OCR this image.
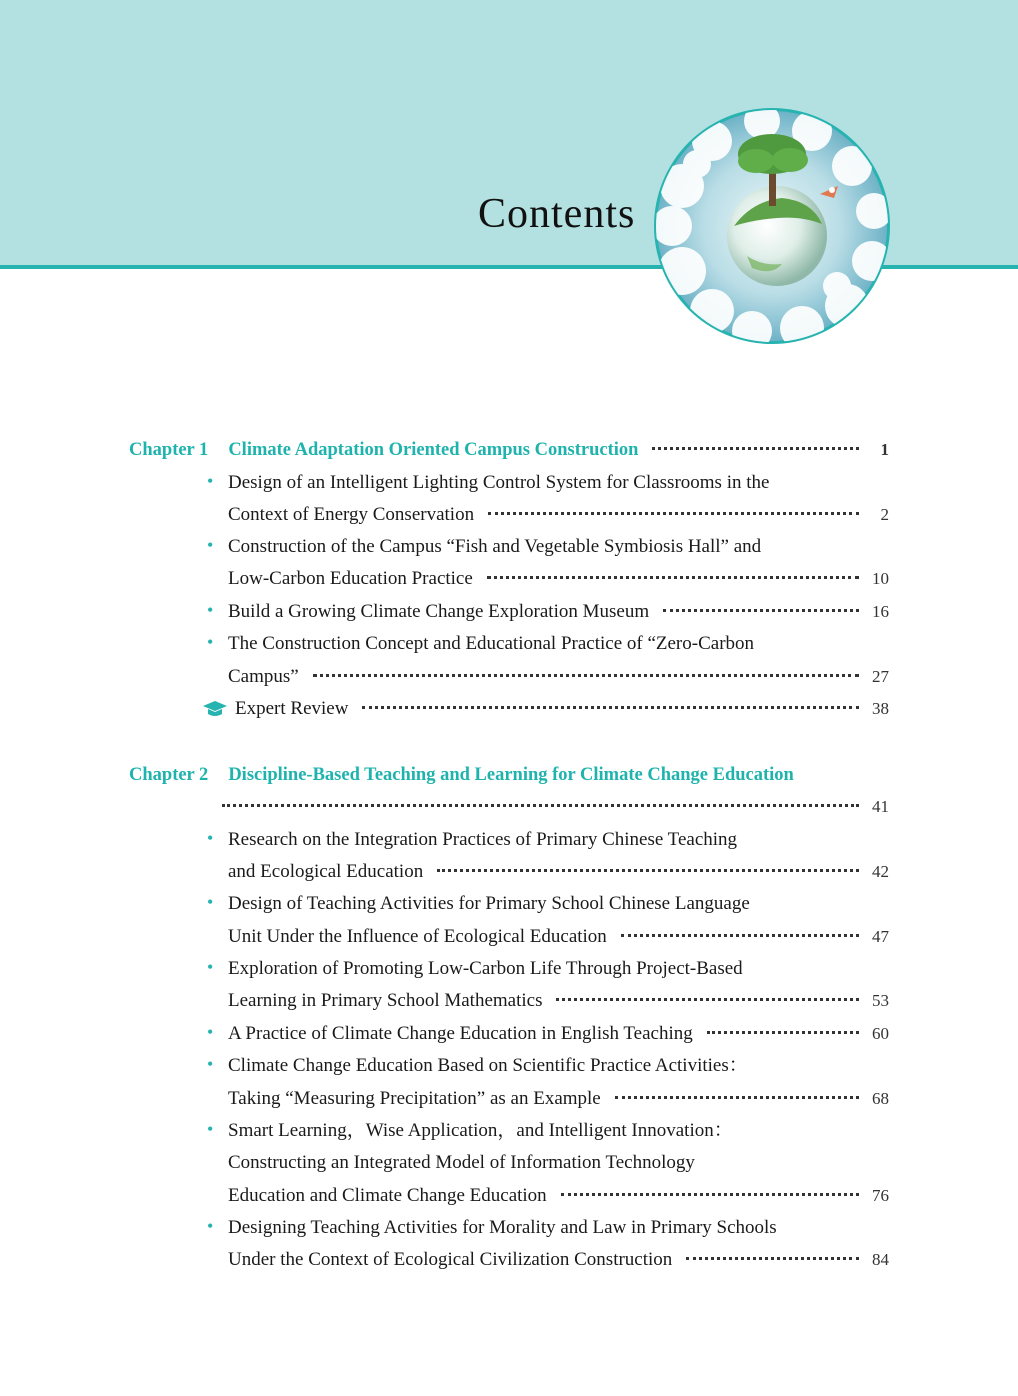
Contents
Chapter 1 Climate Adaptation Oriented Campus Construction	1
• Design of an Intelligent Lighting Control System for Classrooms in the
Context of Energy Conservation	2
• Construction of the Campus “Fish and Vegetable Symbiosis Hall” and
Low-Carbon Education Practice	10
• Build a Growing Climate Change Exploration Museum	16
• The Construction Concept and Educational Practice of “Zero-Carbon
Campus”	27
Expert Review	38
Chapter 2 Discipline-Based Teaching and Learning for Climate Change Education
41
• Research on the Integration Practices of Primary Chinese Teaching
and Ecological Education	42
• Design of Teaching Activities for Primary School Chinese Language
Unit Under the Influence of Ecological Education	47
• Exploration of Promoting Low-Carbon Life Through Project-Based
Learning in Primary School Mathematics	53
• A Practice of Climate Change Education in English Teaching	60
• Climate Change Education Based on Scientific Practice Activities：
Taking “Measuring Precipitation” as an Example	68
• Smart Learning，Wise Application，and Intelligent Innovation：
Constructing an Integrated Model of Information Technology
Education and Climate Change Education	76
• Designing Teaching Activities for Morality and Law in Primary Schools
Under the Context of Ecological Civilization Construction	84
